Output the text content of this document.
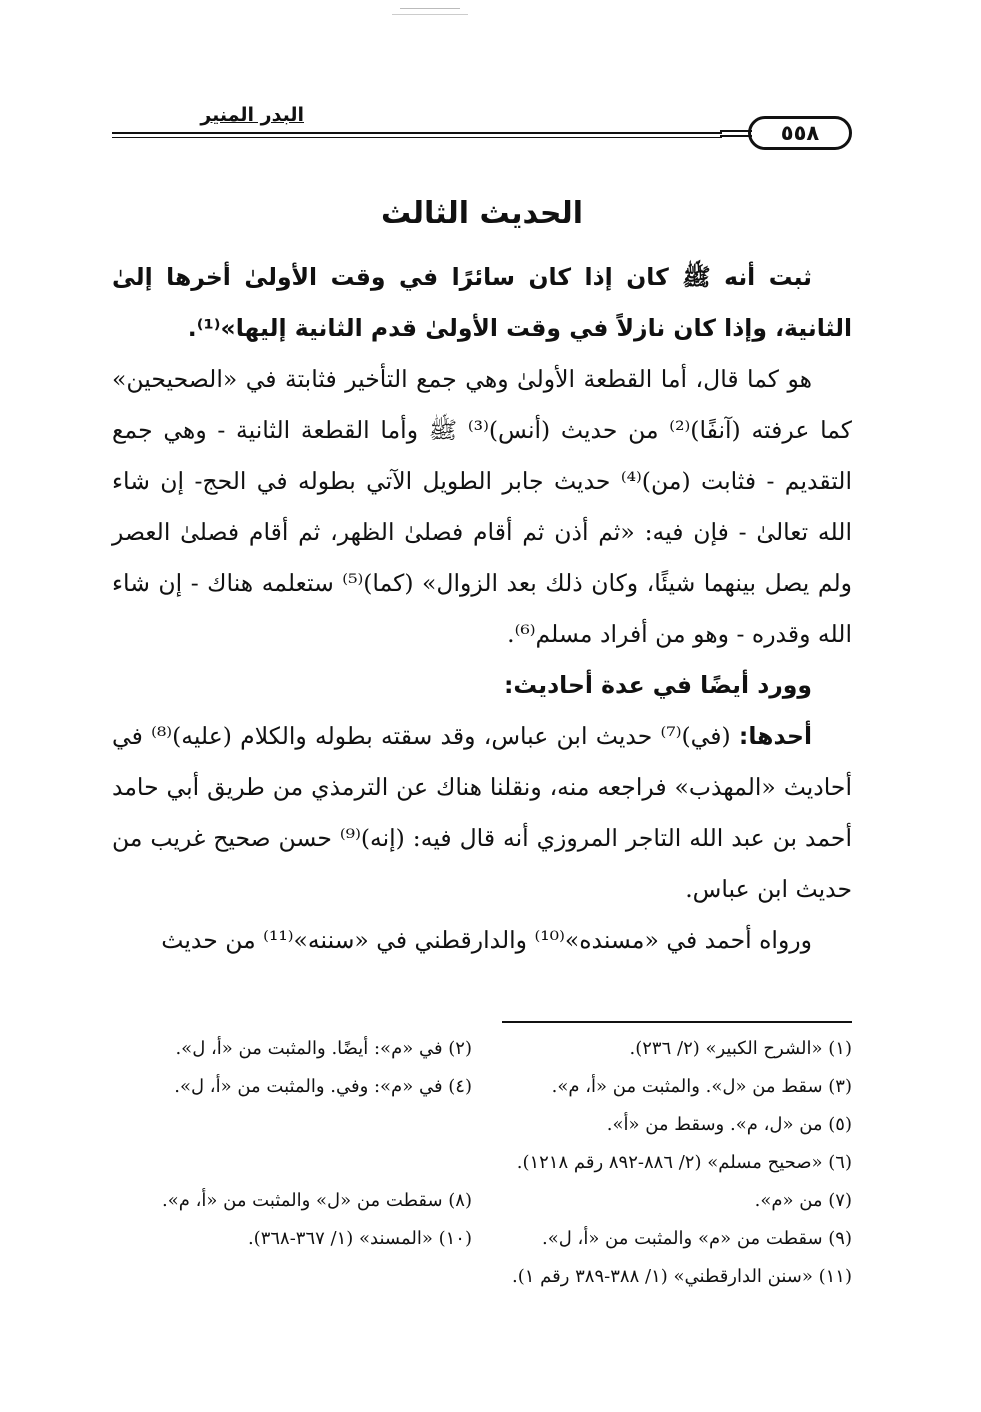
البدر المنير
٥٥٨
الحديث الثالث

ثبت أنه ﷺ كان إذا كان سائرًا في وقت الأولىٰ أخرها إلىٰ الثانية، وإذا كان نازلاً في وقت الأولىٰ قدم الثانية إليها»⁽¹⁾.

هو كما قال، أما القطعة الأولىٰ وهي جمع التأخير فثابتة في «الصحيحين» كما عرفته (آنفًا)⁽²⁾ من حديث (أنس)⁽³⁾ ﷺ وأما القطعة الثانية - وهي جمع التقديم - فثابت (من)⁽⁴⁾ حديث جابر الطويل الآتي بطوله في الحج- إن شاء الله تعالىٰ - فإن فيه: «ثم أذن ثم أقام فصلىٰ الظهر، ثم أقام فصلىٰ العصر ولم يصل بينهما شيئًا، وكان ذلك بعد الزوال» (كما)⁽⁵⁾ ستعلمه هناك - إن شاء الله وقدره - وهو من أفراد مسلم⁽⁶⁾.

وورد أيضًا في عدة أحاديث:

أحدها: (في)⁽⁷⁾ حديث ابن عباس، وقد سقته بطوله والكلام (عليه)⁽⁸⁾ في أحاديث «المهذب» فراجعه منه، ونقلنا هناك عن الترمذي من طريق أبي حامد أحمد بن عبد الله التاجر المروزي أنه قال فيه: (إنه)⁽⁹⁾ حسن صحيح غريب من حديث ابن عباس.

ورواه أحمد في «مسنده»⁽¹⁰⁾ والدارقطني في «سننه»⁽¹¹⁾ من حديث

(١) «الشرح الكبير» (٢/ ٢٣٦).
(٢) في «م»: أيضًا. والمثبت من «أ، ل».
(٣) سقط من «ل». والمثبت من «أ، م».
(٤) في «م»: وفي. والمثبت من «أ، ل».
(٥) من «ل، م». وسقط من «أ».
(٦) «صحيح مسلم» (٢/ ٨٨٦-٨٩٢ رقم ١٢١٨).
(٧) من «م».
(٨) سقطت من «ل» والمثبت من «أ، م».
(٩) سقطت من «م» والمثبت من «أ، ل».
(١٠) «المسند» (١/ ٣٦٧-٣٦٨).
(١١) «سنن الدارقطني» (١/ ٣٨٨-٣٨٩ رقم ١).
